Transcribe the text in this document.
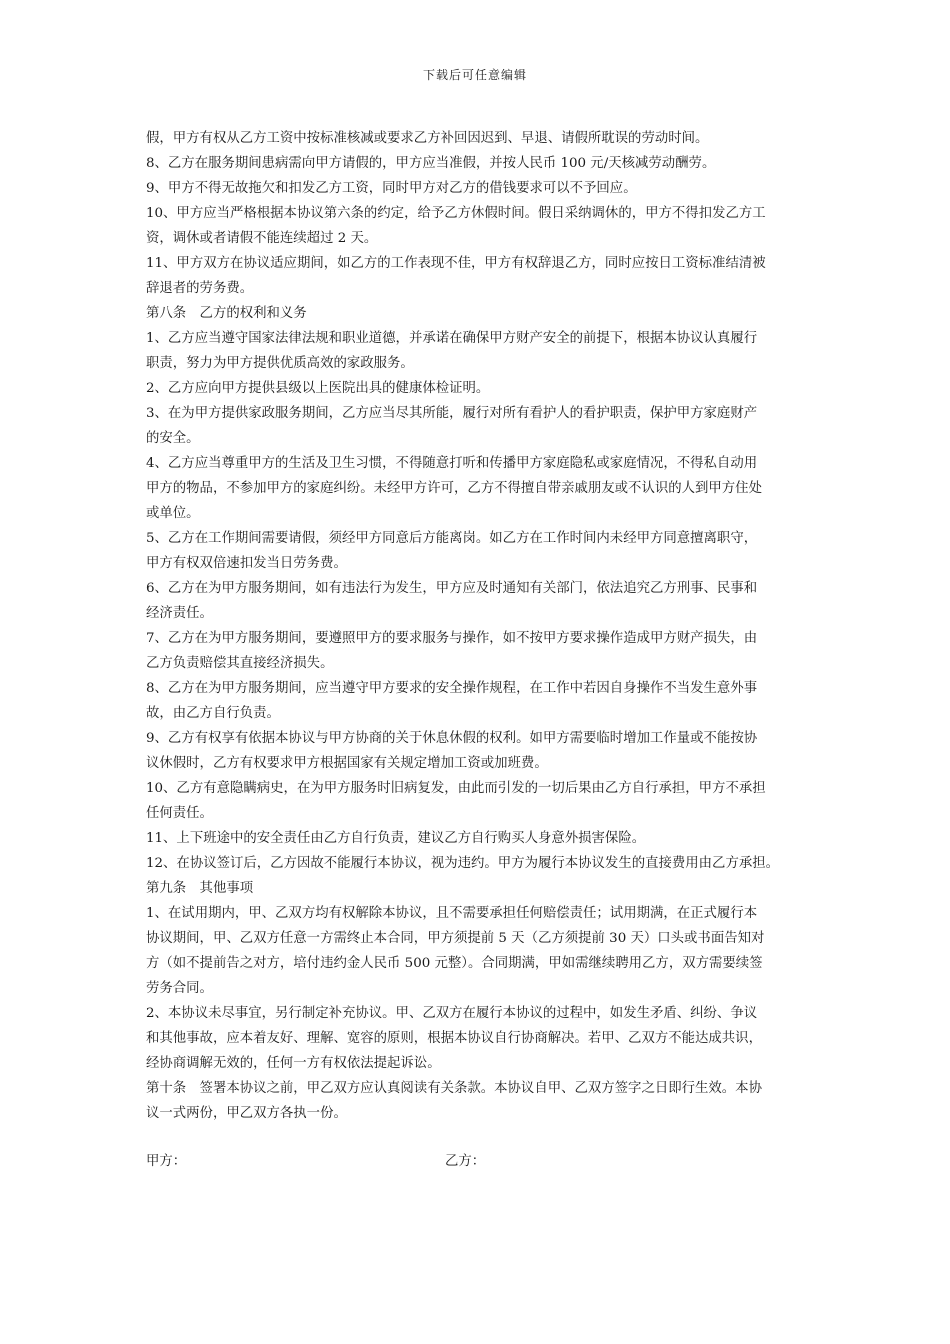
下载后可任意编辑
假，甲方有权从乙方工资中按标准核减或要求乙方补回因迟到、早退、请假所耽误的劳动时间。
8、乙方在服务期间患病需向甲方请假的，甲方应当准假，并按人民币 100 元/天核减劳动酬劳。
9、甲方不得无故拖欠和扣发乙方工资，同时甲方对乙方的借钱要求可以不予回应。
10、甲方应当严格根据本协议第六条的约定，给予乙方休假时间。假日采纳调休的，甲方不得扣发乙方工
资，调休或者请假不能连续超过 2 天。
11、甲方双方在协议适应期间，如乙方的工作表现不佳，甲方有权辞退乙方，同时应按日工资标准结清被
辞退者的劳务费。
第八条　乙方的权利和义务
1、乙方应当遵守国家法律法规和职业道德，并承诺在确保甲方财产安全的前提下，根据本协议认真履行
职责，努力为甲方提供优质高效的家政服务。
2、乙方应向甲方提供县级以上医院出具的健康体检证明。
3、在为甲方提供家政服务期间，乙方应当尽其所能，履行对所有看护人的看护职责，保护甲方家庭财产
的安全。
4、乙方应当尊重甲方的生活及卫生习惯，不得随意打听和传播甲方家庭隐私或家庭情况，不得私自动用
甲方的物品，不参加甲方的家庭纠纷。未经甲方许可，乙方不得擅自带亲戚朋友或不认识的人到甲方住处
或单位。
5、乙方在工作期间需要请假，须经甲方同意后方能离岗。如乙方在工作时间内未经甲方同意擅离职守，
甲方有权双倍速扣发当日劳务费。
6、乙方在为甲方服务期间，如有违法行为发生，甲方应及时通知有关部门，依法追究乙方刑事、民事和
经济责任。
7、乙方在为甲方服务期间，要遵照甲方的要求服务与操作，如不按甲方要求操作造成甲方财产损失，由
乙方负责赔偿其直接经济损失。
8、乙方在为甲方服务期间，应当遵守甲方要求的安全操作规程，在工作中若因自身操作不当发生意外事
故，由乙方自行负责。
9、乙方有权享有依据本协议与甲方协商的关于休息休假的权利。如甲方需要临时增加工作量或不能按协
议休假时，乙方有权要求甲方根据国家有关规定增加工资或加班费。
10、乙方有意隐瞒病史，在为甲方服务时旧病复发，由此而引发的一切后果由乙方自行承担，甲方不承担
任何责任。
11、上下班途中的安全责任由乙方自行负责，建议乙方自行购买人身意外损害保险。
12、在协议签订后，乙方因故不能履行本协议，视为违约。甲方为履行本协议发生的直接费用由乙方承担。
第九条　其他事项
1、在试用期内，甲、乙双方均有权解除本协议，且不需要承担任何赔偿责任；试用期满，在正式履行本
协议期间，甲、乙双方任意一方需终止本合同，甲方须提前 5 天（乙方须提前 30 天）口头或书面告知对
方（如不提前告之对方，培付违约金人民币 500 元整）。合同期满，甲如需继续聘用乙方，双方需要续签
劳务合同。
2、本协议未尽事宜，另行制定补充协议。甲、乙双方在履行本协议的过程中，如发生矛盾、纠纷、争议
和其他事故，应本着友好、理解、宽容的原则，根据本协议自行协商解决。若甲、乙双方不能达成共识，
经协商调解无效的，任何一方有权依法提起诉讼。
第十条　签署本协议之前，甲乙双方应认真阅读有关条款。本协议自甲、乙双方签字之日即行生效。本协
议一式两份，甲乙双方各执一份。
甲方：	乙方：
